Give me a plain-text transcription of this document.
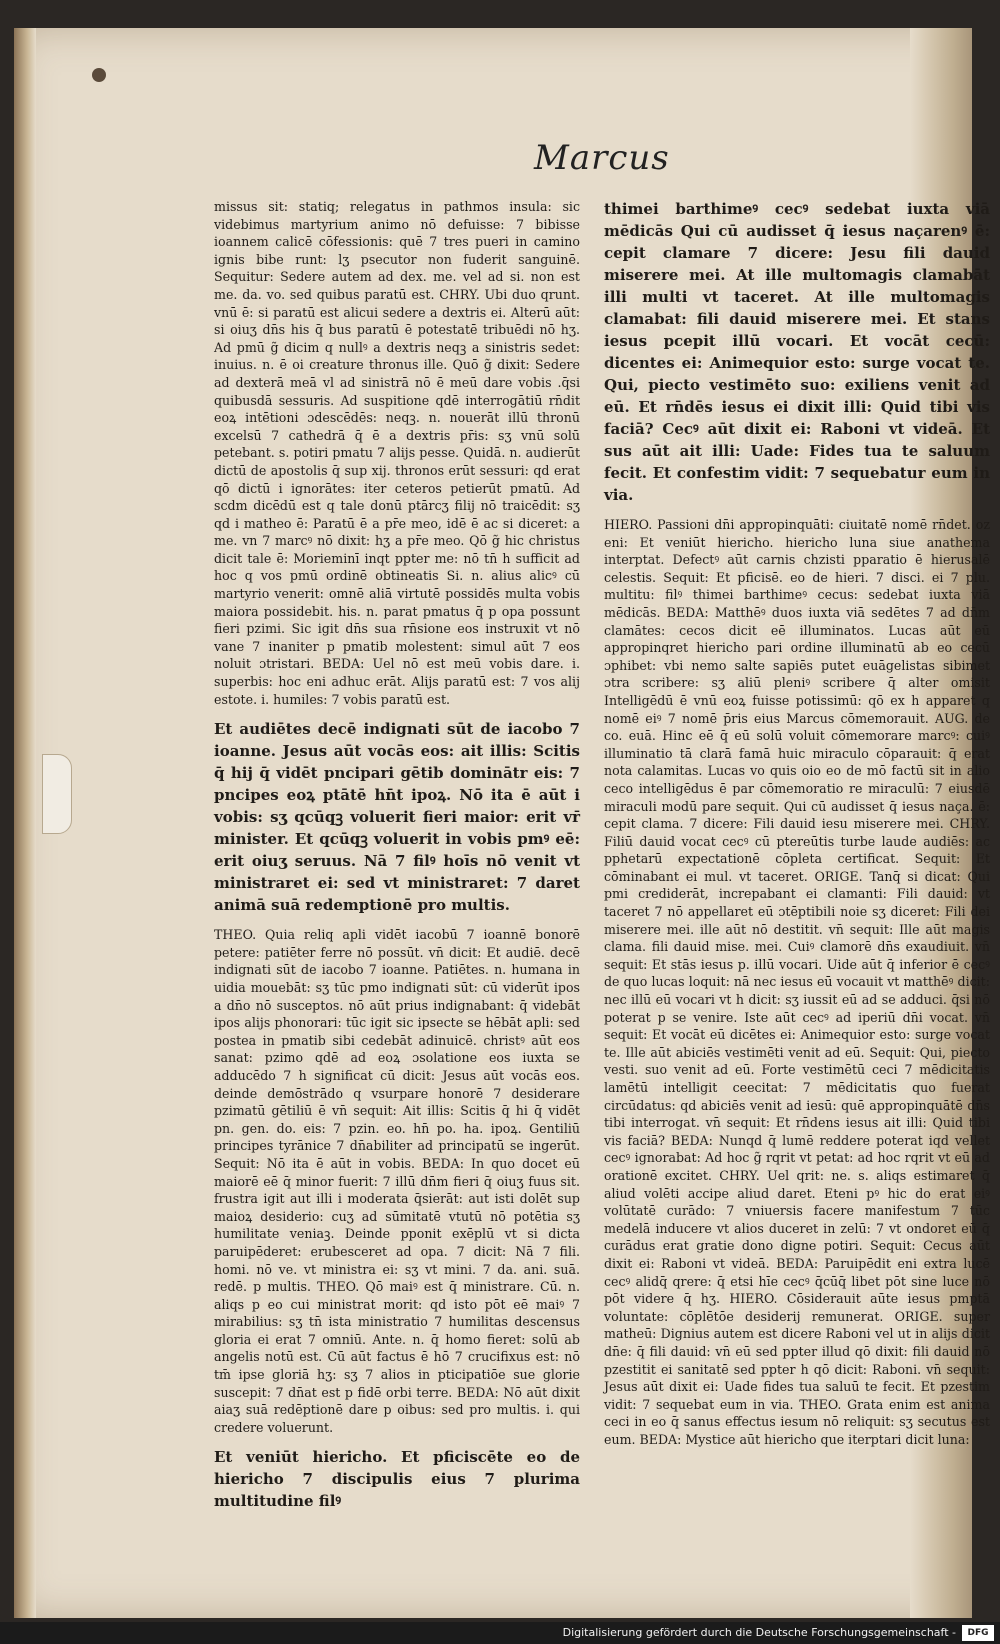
Marcus

missus sit: statiq; relegatus in pathmos insula: sic videbimus martyrium animo nō defuisse: 7 bibisse ioannem calicē cōfessionis: quē 7 tres pueri in camino ignis bibe runt: lʒ psecutor non fuderit sanguinē. Sequitur: Sedere autem ad dex. me. vel ad si. non est me. da. vo. sed quibus paratū est. CHRY. Ubi duo qrunt. vnū ē: si paratū est alicui sedere a dextris ei. Alterū aūt: si oiuʒ dn̄s his q̄ bus paratū ē potestatē tribuēdi nō hʒ. Ad pmū g̃ dicim q nullꝰ a dextris neqꝫ a sinistris sedet: inuius. n. ē oi creature thronus ille. Quō g̃ dixit: Sedere ad dexterā meā vl ad sinistrā nō ē meū dare vobis .q̄si quibusdā sessuris. Ad suspitione qdē interrogātiū rn̄dit eoꝝ intētioni ɔdescēdēs: neqꝫ. n. nouerāt illū thronū excelsū 7 cathedrā q̄ ē a dextris pr̄is: sʒ vnū solū petebant. s. potiri pmatu 7 alijs pesse. Quidā. n. audierūt dictū de apostolis q̄ sup xij. thronos erūt sessuri: qd erat qō dictū i ignorātes: iter ceteros petierūt pmatū. Ad scdm dicēdū est q tale donū ptārcʒ filij nō traicēdit: sʒ qd i matheo ē: Paratū ē a pr̄e meo, idē ē ac si diceret: a me. vn 7 marcꝰ nō dixit: hʒ a pr̄e meo. Qō g̃ hic christus dicit tale ē: Morieminī inqt ppter me: nō tn̄ h sufficit ad hoc q vos pmū ordinē obtineatis Si. n. alius alicꝰ cū martyrio venerit: omnē aliā virtutē possidēs multa vobis maiora possidebit. his. n. parat pmatus q̄ p opa possunt fieri pzimi. Sic igit dn̄s sua rn̄sione eos instruxit vt nō vane 7 inaniter p pmatib molestent: simul aūt 7 eos noluit ɔtristari. BEDA: Uel nō est meū vobis dare. i. superbis: hoc eni adhuc erāt. Alijs paratū est: 7 vos alij estote. i. humiles: 7 vobis paratū est.

Et audiētes decē indignati sūt de iacobo 7 ioanne. Jesus aūt vocās eos: ait illis: Scitis q̄ hij q̄ vidēt pncipari gētib dominātr eis: 7 pncipes eoꝝ ptātē hn̄t ipoꝝ. Nō ita ē aūt i vobis: sʒ qcūqꝫ voluerit fieri maior: erit vr̄ minister. Et qcūqꝫ voluerit in vobis pmꝰ eē: erit oiuʒ seruus. Nā 7 filꝰ hoīs nō venit vt ministraret ei: sed vt ministraret: 7 daret animā suā redemptionē pro multis.

THEO. Quia reliq apli vidēt iacobū 7 ioannē bonorē petere: patiēter ferre nō possūt. vn̄ dicit: Et audiē. decē indignati sūt de iacobo 7 ioanne. Patiētes. n. humana in uidia mouebāt: sʒ tūc pmo indignati sūt: cū viderūt ipos a dn̄o nō susceptos. nō aūt prius indignabant: q̄ videbāt ipos alijs phonorari: tūc igit sic ipsecte se hēbāt apli: sed postea in pmatib sibi cedebāt adinuicē. christꝰ aūt eos sanat: pzimo qdē ad eoꝝ ɔsolatione eos iuxta se adducēdo 7 h significat cū dicit: Jesus aūt vocās eos. deinde demōstrādo q vsurpare honorē 7 desiderare pzimatū gētiliū ē vn̄ sequit: Ait illis: Scitis q̄ hi q̄ vidēt pn. gen. do. eis: 7 pzin. eo. hn̄ po. ha. ipoꝝ. Gentiliū principes tyrānice 7 dn̄abiliter ad principatū se ingerūt. Sequit: Nō ita ē aūt in vobis. BEDA: In quo docet eū maiorē eē q̄ minor fuerit: 7 illū dn̄m fieri q̄ oiuʒ fuus sit. frustra igit aut illi i moderata q̄sierāt: aut isti dolēt sup maioꝝ desiderio: cuʒ ad sūmitatē vtutū nō potētia sʒ humilitate veniaꝫ. Deinde pponit exēplū vt si dicta paruipēderet: erubesceret ad opa. 7 dicit: Nā 7 fili. homi. nō ve. vt ministra ei: sʒ vt mini. 7 da. ani. suā. redē. p multis. THEO. Qō maiꝰ est q̄ ministrare. Cū. n. aliqs p eo cui ministrat morit: qd isto pōt eē maiꝰ 7 mirabilius: sʒ tn̄ ista ministratio 7 humilitas descensus gloria ei erat 7 omniū. Ante. n. q̄ homo fieret: solū ab angelis notū est. Cū aūt factus ē hō 7 crucifixus est: nō tm̄ ipse gloriā hʒ: sʒ 7 alios in pticipatiōe sue glorie suscepit: 7 dn̄at est p fidē orbi terre. BEDA: Nō aūt dixit aiaʒ suā redēptionē dare p oibus: sed pro multis. i. qui credere voluerunt.

Et veniūt hiericho. Et pficiscēte eo de hiericho 7 discipulis eius 7 plurima multitudine filꝰ

thimei barthimeꝰ cecꝰ sedebat iuxta viā mēdicās Qui cū audisset q̄ iesus naçarenꝰ ē: cepit clamare 7 dicere: Jesu fili dauid miserere mei. At ille multomagis clamabāt illi multi vt taceret. At ille multomagis clamabat: fili dauid miserere mei. Et stans iesus pcepit illū vocari. Et vocāt cecū: dicentes ei: Animequior esto: surge vocat te. Qui, piecto vestimēto suo: exiliens venit ad eū. Et rn̄dēs iesus ei dixit illi: Quid tibi vis faciā? Cecꝰ aūt dixit ei: Raboni vt videā. Et sus aūt ait illi: Uade: Fides tua te saluum fecit. Et confestim vidit: 7 sequebatur eum in via.

HIERO. Passioni dn̄i appropinquāti: ciuitatē nomē rn̄det. oz eni: Et veniūt hiericho. hiericho luna siue anathema interptat. Defectꝰ aūt carnis chzisti pparatio ē hierusalē celestis. Sequit: Et pficisē. eo de hieri. 7 disci. ei 7 plu. multitu: filꝰ thimei barthimeꝰ cecus: sedebat iuxta viā mēdicās. BEDA: Matthēꝰ duos iuxta viā sedētes 7 ad dn̄m clamātes: cecos dicit eē illuminatos. Lucas aūt eū appropinqret hiericho pari ordine illuminatū ab eo cecū ɔphibet: vbi nemo salte sapiēs putet euāgelistas sibimet ɔtra scribere: sʒ aliū pleniꝰ scribere q̄ alter omisit Intelligēdū ē vnū eoꝝ fuisse potissimū: qō ex h apparet q nomē eiꝰ 7 nomē p̄ris eius Marcus cōmemorauit. AUG. de co. euā. Hinc eē q̄ eū solū voluit cōmemorare marcꝰ: cuiꝰ illuminatio tā clarā famā huic miraculo cōparauit: q̄ erat nota calamitas. Lucas vo quis oio eo de mō factū sit in alio ceco intelligēdus ē par cōmemoratio re miraculū: 7 eiusdē miraculi modū pare sequit. Qui cū audisset q̄ iesus naça. ē: cepit clama. 7 dicere: Fili dauid iesu miserere mei. CHRY. Filiū dauid vocat cecꝰ cū ptereūtis turbe laude audiēs: ac pphetarū expectationē cōpleta certificat. Sequit: Et cōminabant ei mul. vt taceret. ORIGE. Tanq̄ si dicat: Qui pmi crediderāt, increpabant ei clamanti: Fili dauid: vt taceret 7 nō appellaret eū ɔtēptibili noie sʒ diceret: Fili dei miserere mei. ille aūt nō destitit. vn̄ sequit: Ille aūt magis clama. fili dauid mise. mei. Cuiꝰ clamorē dn̄s exaudiuit. vn̄ sequit: Et stās iesus p. illū vocari. Uide aūt q̄ inferior ē cecꝰ de quo lucas loquit: nā nec iesus eū vocauit vt matthēꝰ dicit: nec illū eū vocari vt h dicit: sʒ iussit eū ad se adduci. q̄si nō poterat p se venire. Iste aūt cecꝰ ad iperiū dn̄i vocat. vn̄ sequit: Et vocāt eū dicētes ei: Animequior esto: surge vocat te. Ille aūt abiciēs vestimēti venit ad eū. Sequit: Qui, piecto vesti. suo venit ad eū. Forte vestimētū ceci 7 mēdicitatis lamētū intelligit ceecitat: 7 mēdicitatis quo fuerat circūdatus: qd abiciēs venit ad iesū: quē appropinquātē dn̄s tibi interrogat. vn̄ sequit: Et rn̄dens iesus ait illi: Quid tibi vis faciā? BEDA: Nunqd q̄ lumē reddere poterat iqd vellet cecꝰ ignorabat: Ad hoc g̃ rqrit vt petat: ad hoc rqrit vt eū ad orationē excitet. CHRY. Uel qrit: ne. s. aliqs estimaret q̄ aliud volēti accipe aliud daret. Eteni pꝰ hic do erat eiꝰ volūtatē curādo: 7 vniuersis facere manifestum 7 tūc medelā inducere vt alios duceret in zelū: 7 vt ondoret eū q̄ curādus erat gratie dono digne potiri. Sequit: Cecus aūt dixit ei: Raboni vt videā. BEDA: Paruipēdit eni extra lucē cecꝰ alidq̄ qrere: q̄ etsi hīe cecꝰ q̄cūq̄ libet pōt sine luce nō pōt videre q̄ hʒ. HIERO. Cōsiderauit aūte iesus pmptā voluntate: cōplētōe desiderij remunerat. ORIGE. super matheū: Dignius autem est dicere Raboni vel ut in alijs dicit dn̄e: q̄ fili dauid: vn̄ eū sed ppter illud qō dixit: fili dauid nō pzestitit ei sanitatē sed ppter h qō dicit: Raboni. vn̄ sequit: Jesus aūt dixit ei: Uade fides tua saluū te fecit. Et pzestim vidit: 7 sequebat eum in via. THEO. Grata enim est anima ceci in eo q̄ sanus effectus iesum nō reliquit: sʒ secutus est eum. BEDA: Mystice aūt hiericho que iterptari dicit luna:

Digitalisierung gefördert durch die Deutsche Forschungsgemeinschaft -	DFG
